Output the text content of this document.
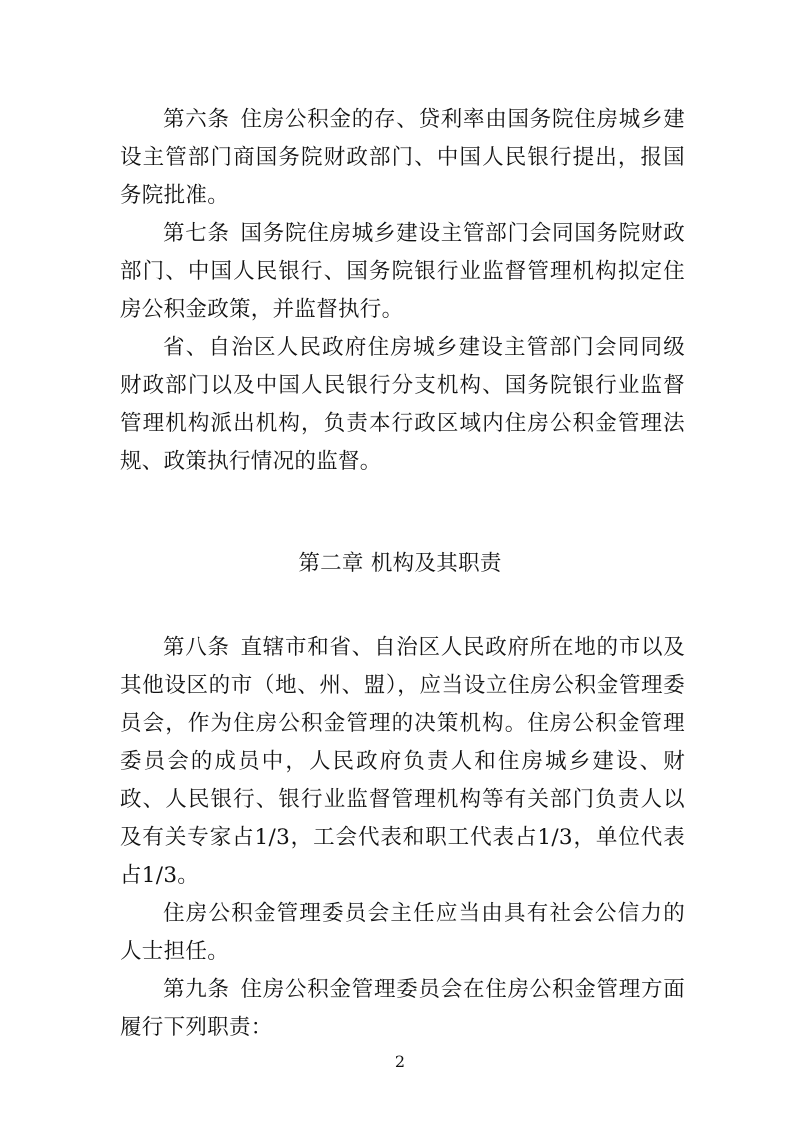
第六条 住房公积金的存、贷利率由国务院住房城乡建设主管部门商国务院财政部门、中国人民银行提出，报国务院批准。

第七条 国务院住房城乡建设主管部门会同国务院财政部门、中国人民银行、国务院银行业监督管理机构拟定住房公积金政策，并监督执行。

省、自治区人民政府住房城乡建设主管部门会同同级财政部门以及中国人民银行分支机构、国务院银行业监督管理机构派出机构，负责本行政区域内住房公积金管理法规、政策执行情况的监督。

第二章 机构及其职责

第八条 直辖市和省、自治区人民政府所在地的市以及其他设区的市（地、州、盟），应当设立住房公积金管理委员会，作为住房公积金管理的决策机构。住房公积金管理委员会的成员中，人民政府负责人和住房城乡建设、财政、人民银行、银行业监督管理机构等有关部门负责人以及有关专家占1/3，工会代表和职工代表占1/3，单位代表占1/3。

住房公积金管理委员会主任应当由具有社会公信力的人士担任。

第九条 住房公积金管理委员会在住房公积金管理方面履行下列职责：

2
